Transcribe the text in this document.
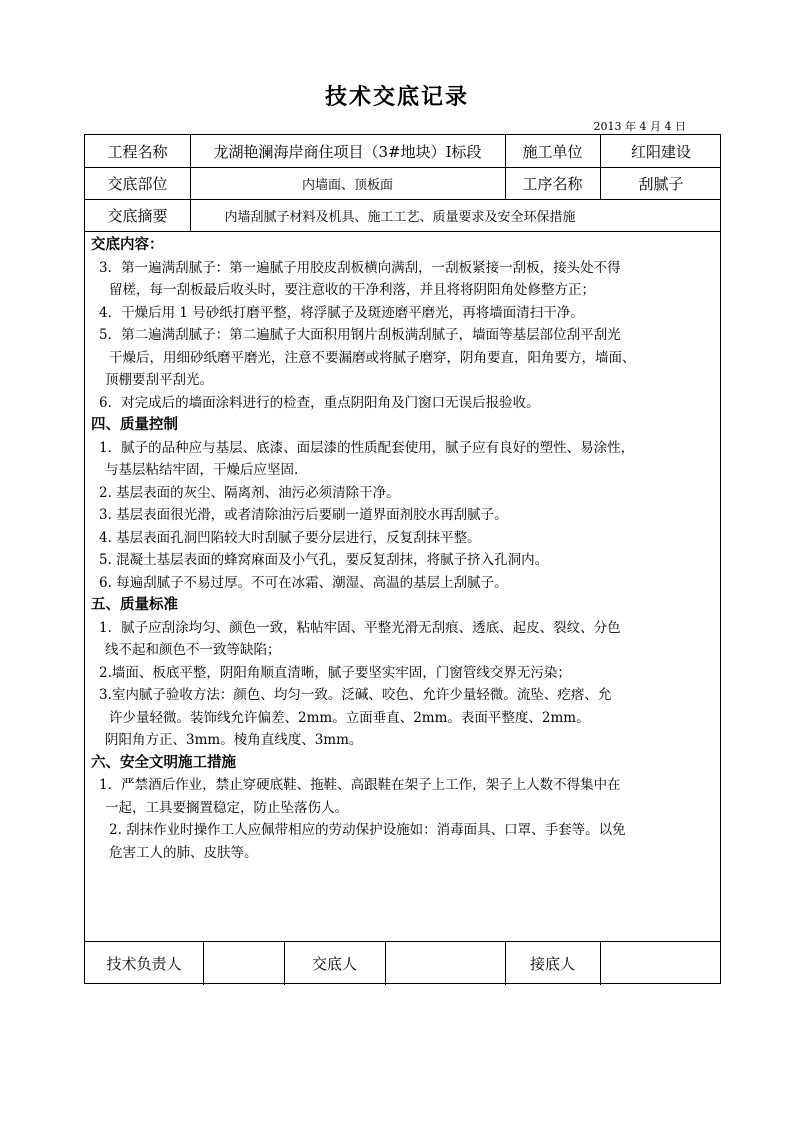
技术交底记录
2013 年 4 月 4 日
工程名称	龙湖艳澜海岸商住项目（3#地块）Ⅰ标段	施工单位	红阳建设
交底部位	内墙面、顶板面	工序名称	刮腻子
交底摘要	内墙刮腻子材料及机具、施工工艺、质量要求及安全环保措施

交底内容：

3．第一遍满刮腻子：第一遍腻子用胶皮刮板横向满刮，一刮板紧接一刮板，接头处不得

留槎，每一刮板最后收头时，要注意收的干净利落，并且将将阴阳角处修整方正；

4．干燥后用 1 号砂纸打磨平整，将浮腻子及斑迹磨平磨光，再将墙面清扫干净。

5．第二遍满刮腻子：第二遍腻子大面积用钢片刮板满刮腻子，墙面等基层部位刮平刮光

干燥后，用细砂纸磨平磨光，注意不要漏磨或将腻子磨穿，阴角要直，阳角要方，墙面、

顶棚要刮平刮光。

6．对完成后的墙面涂料进行的检查，重点阴阳角及门窗口无误后报验收。

四、质量控制

1．腻子的品种应与基层、底漆、面层漆的性质配套使用，腻子应有良好的塑性、易涂性，

与基层粘结牢固，干燥后应坚固.

2. 基层表面的灰尘、隔离剂、油污必须清除干净。

3. 基层表面很光滑，或者清除油污后要刷一道界面剂胶水再刮腻子。

4. 基层表面孔洞凹陷较大时刮腻子要分层进行，反复刮抹平整。

5. 混凝土基层表面的蜂窝麻面及小气孔，要反复刮抹，将腻子挤入孔洞内。

6. 每遍刮腻子不易过厚。不可在冰霜、潮湿、高温的基层上刮腻子。

五、质量标准

1．腻子应刮涂均匀、颜色一致，粘帖牢固、平整光滑无刮痕、透底、起皮、裂纹、分色

线不起和颜色不一致等缺陷；

2.墙面、板底平整，阴阳角顺直清晰，腻子要坚实牢固，门窗管线交界无污染；

3.室内腻子验收方法：颜色、均匀一致。泛碱、咬色、允许少量轻微。流坠、疙瘩、允

许少量轻微。装饰线允许偏差、2mm。立面垂直、2mm。表面平整度、2mm。

阴阳角方正、3mm。棱角直线度、3mm。

六、安全文明施工措施

1．严禁酒后作业，禁止穿硬底鞋、拖鞋、高跟鞋在架子上工作，架子上人数不得集中在

一起，工具要搁置稳定，防止坠落伤人。

2. 刮抹作业时操作工人应佩带相应的劳动保护设施如：消毒面具、口罩、手套等。以免

危害工人的肺、皮肤等。

技术负责人	交底人	接底人
